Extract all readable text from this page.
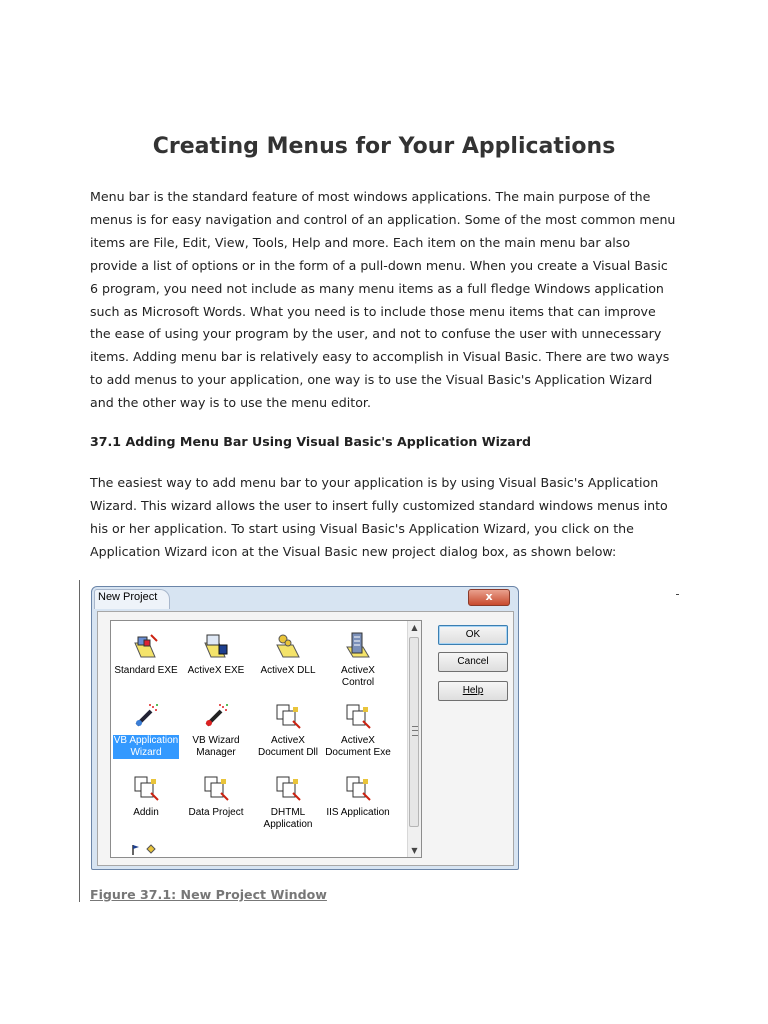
Creating Menus for Your Applications
Menu bar is the standard feature of most windows applications. The main purpose of the
menus is for easy navigation and control of an application. Some of the most common menu
items are File, Edit, View, Tools, Help and more. Each item on the main menu bar also
provide a list of options or in the form of a pull-down menu. When you create a Visual Basic
6 program, you need not include as many menu items as a full fledge Windows application
such as Microsoft Words. What you need is to include those menu items that can improve
the ease of using your program by the user, and not to confuse the user with unnecessary
items. Adding menu bar is relatively easy to accomplish in Visual Basic. There are two ways
to add menus to your application, one way is to use the Visual Basic's Application Wizard
and the other way is to use the menu editor.
37.1 Adding Menu Bar Using Visual Basic's Application Wizard
The easiest way to add menu bar to your application is by using Visual Basic's Application
Wizard. This wizard allows the user to insert fully customized standard windows menus into
his or her application. To start using Visual Basic's Application Wizard, you click on the
Application Wizard icon at the Visual Basic new project dialog box, as shown below:
New Project	x
Standard EXE ActiveX EXE	ActiveX DLL	ActiveX
Control
VB Application
Wizard
VB Wizard
Manager
ActiveX
Document Dll
ActiveX
Document Exe
Addin	Data Project	DHTML
Application
IIS Application
▲
▼
OK
Cancel
Help
Figure 37.1: New Project Window
